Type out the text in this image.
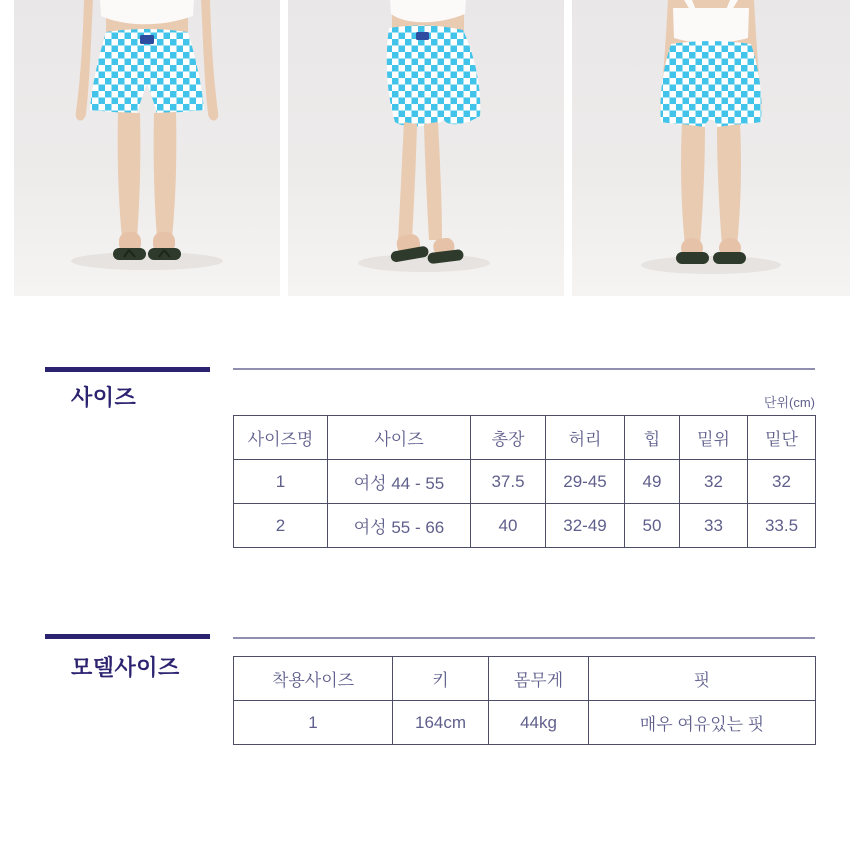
사이즈	단위(cm)
사이즈명	사이즈	총장	허리	힙	밑위	밑단
1	여성 44 - 55	37.5	29-45	49	32	32
2	여성 55 - 66	40	32-49	50	33	33.5
모델사이즈
착용사이즈	키	몸무게	핏
1	164cm	44kg	매우 여유있는 핏
